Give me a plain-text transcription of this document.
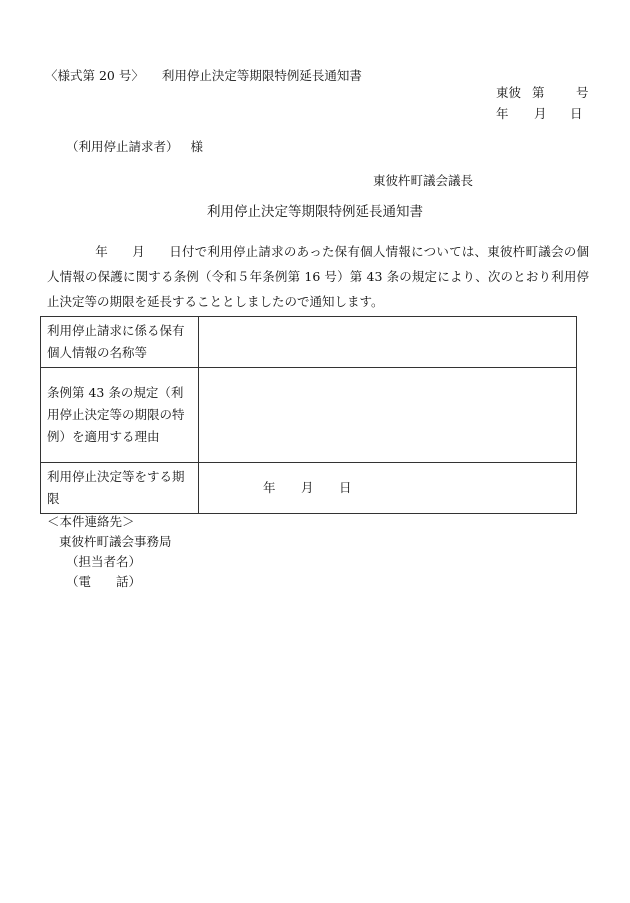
〈様式第 20 号〉 利用停止決定等期限特例延長通知書
東彼 第	号
年 月 日
（利用停止請求者） 様
東彼杵町議会議長
利用停止決定等期限特例延長通知書
年 月 日付で利用停止請求のあった保有個人情報については、東彼杵町議会の個人情報の保護に関する条例（令和５年条例第 16 号）第 43 条の規定により、次のとおり利用停止決定等の期限を延長することとしましたので通知します。
利用停止請求に係る保有個人情報の名称等	
条例第 43 条の規定（利用停止決定等の期限の特例）を適用する理由	
利用停止決定等をする期限	年 月 日
＜本件連絡先＞
東彼杵町議会事務局
（担当者名）
（電　　話）
